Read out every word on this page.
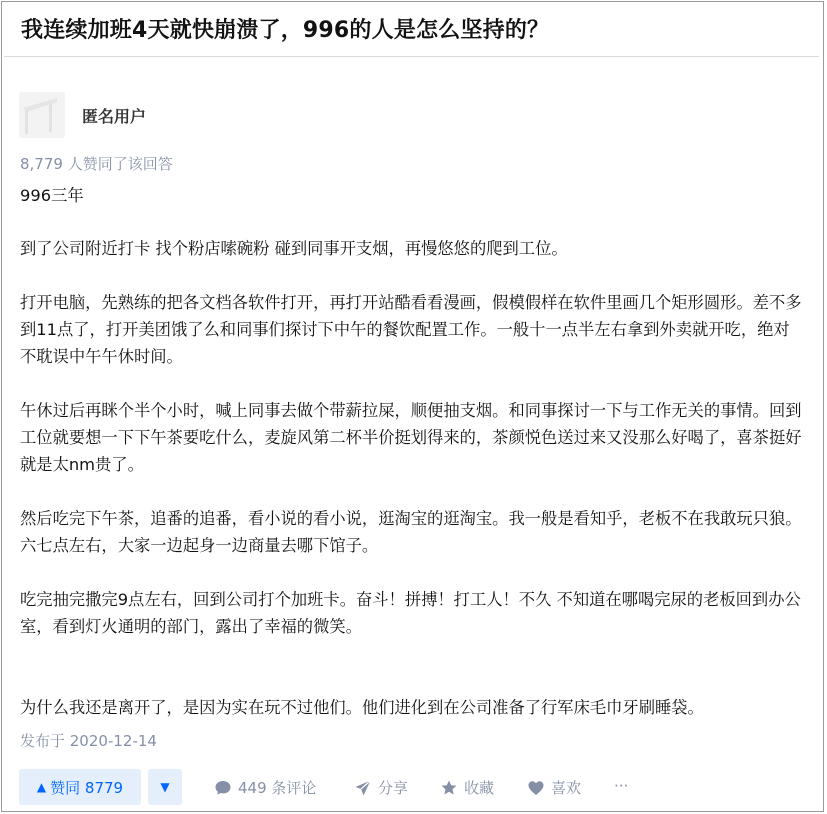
我连续加班4天就快崩溃了，996的人是怎么坚持的？
匿名用户
8,779 人赞同了该回答

996三年

到了公司附近打卡 找个粉店嗦碗粉 碰到同事开支烟，再慢悠悠的爬到工位。

打开电脑，先熟练的把各文档各软件打开，再打开站酷看看漫画，假模假样在软件里画几个矩形圆形。差不多到11点了，打开美团饿了么和同事们探讨下中午的餐饮配置工作。一般十一点半左右拿到外卖就开吃，绝对不耽误中午午休时间。

午休过后再眯个半个小时，喊上同事去做个带薪拉屎，顺便抽支烟。和同事探讨一下与工作无关的事情。回到工位就要想一下下午茶要吃什么，麦旋风第二杯半价挺划得来的，茶颜悦色送过来又没那么好喝了，喜茶挺好就是太nm贵了。

然后吃完下午茶，追番的追番，看小说的看小说，逛淘宝的逛淘宝。我一般是看知乎，老板不在我敢玩只狼。六七点左右，大家一边起身一边商量去哪下馆子。

吃完抽完撒完9点左右，回到公司打个加班卡。奋斗！拼搏！打工人！不久 不知道在哪喝完尿的老板回到办公室，看到灯火通明的部门，露出了幸福的微笑。

为什么我还是离开了，是因为实在玩不过他们。他们进化到在公司准备了行军床毛巾牙刷睡袋。

发布于 2020-12-14
▲ 赞同 8779	▼	449 条评论	分享	收藏	喜欢 ···
